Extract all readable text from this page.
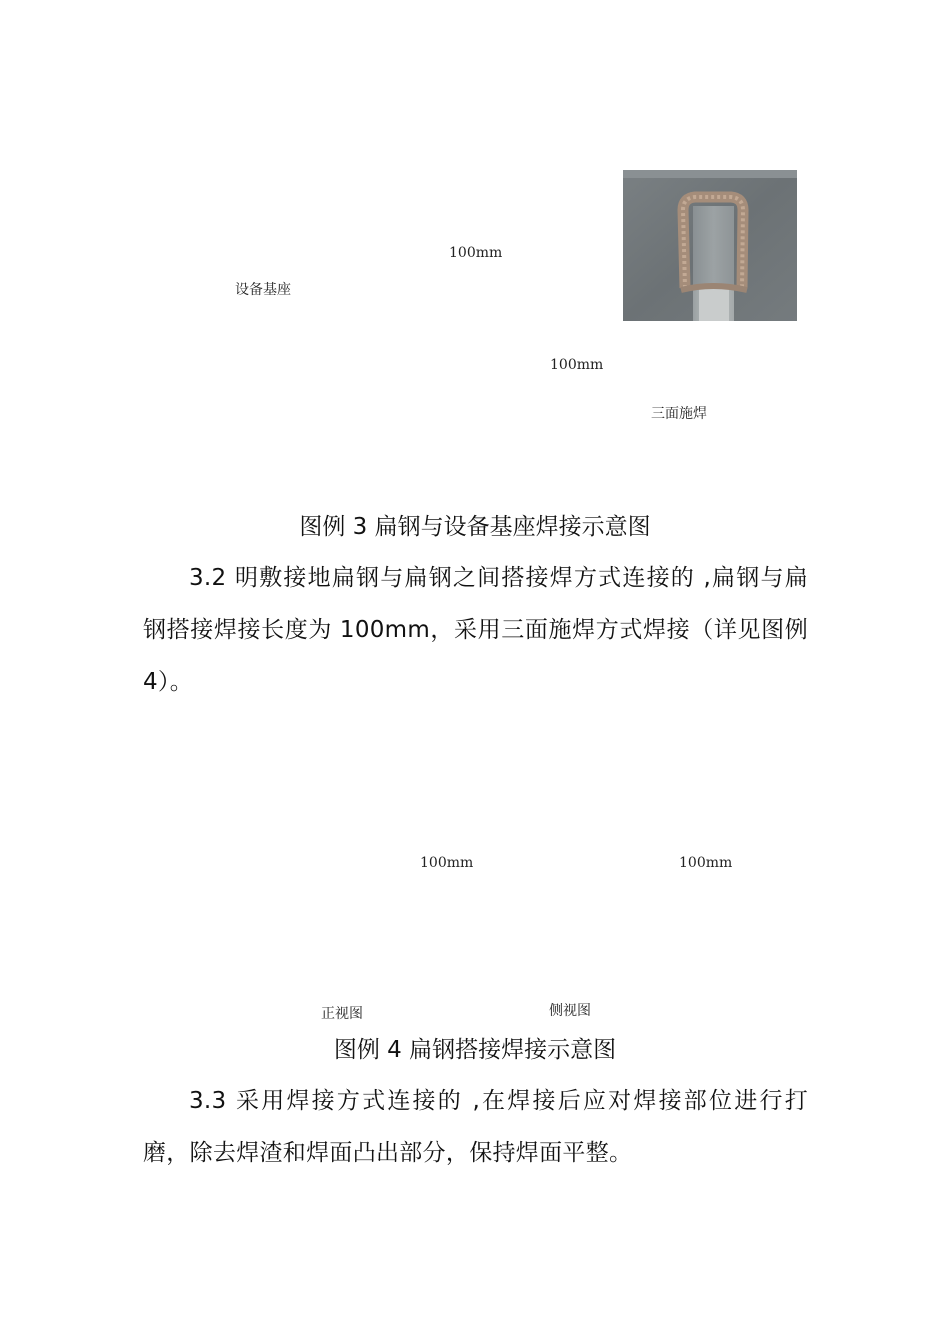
100mm
设备基座
100mm
三面施焊
图例 3 扁钢与设备基座焊接示意图

3.2 明敷接地扁钢与扁钢之间搭接焊方式连接的 ,扁钢与扁钢搭接焊接长度为 100mm，采用三面施焊方式焊接（详见图例 4）。

100mm	100mm
侧视图
正视图
图例 4 扁钢搭接焊接示意图

3.3 采用焊接方式连接的 ,在焊接后应对焊接部位进行打磨，除去焊渣和焊面凸出部分，保持焊面平整。
